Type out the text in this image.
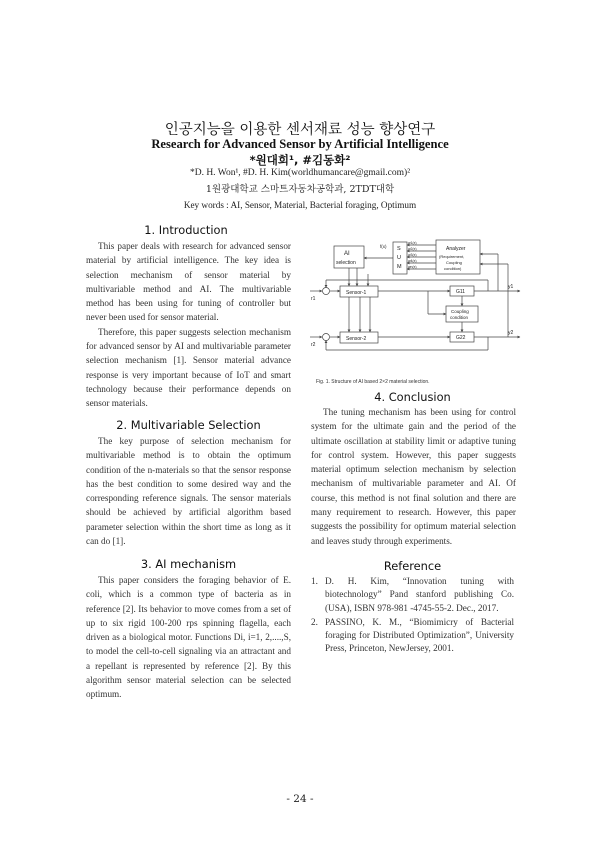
인공지능을 이용한 센서재료 성능 향상연구
Research for Advanced Sensor by Artificial Intelligence
*원대희¹, #김동화²
*D. H. Won¹, #D. H. Kim(worldhumancare@gmail.com)²
1원광대학교 스마트자동차공학과, 2TDT대학
Key words : AI, Sensor, Material, Bacterial foraging, Optimum
1. Introduction

This paper deals with research for advanced sensor material by artificial intelligence. The key idea is selection mechanism of sensor material by multivariable method and AI. The multivariable method has been using for tuning of controller but never been used for sensor material.

Therefore, this paper suggests selection mechanism for advanced sensor by AI and multivariable parameter selection mechanism [1]. Sensor material advance response is very important because of IoT and smart technology because their performance depends on sensor materials.

2. Multivariable Selection

The key purpose of selection mechanism for multivariable method is to obtain the optimum condition of the n-materials so that the sensor response has the best condition to some desired way and the corresponding reference signals. The sensor materials should be achieved by artificial algorithm based parameter selection within the short time as long as it can do [1].

3. AI mechanism

This paper considers the foraging behavior of E. coli, which is a common type of bacteria as in reference [2]. Its behavior to move comes from a set of up to six rigid 100-200 rps spinning flagella, each driven as a biological motor. Functions Di, i=1, 2,....,S, to model the cell-to-cell signaling via an attractant and a repellant is represented by reference [2]. By this algorithm sensor material selection can be selected optimum.

AI
selection
f(x) S
U
M
w1(x)
w2(x)
w3(x)
w4(x)
wn(x)
Analyzer
(Requirement,
Coupling
condition)
Sensor-1
Sensor-2
G11
G22
Coupling
condition
y1
y2
r1
r2
Fig. 1. Structure of AI based 2×2 material selection.
4. Conclusion

The tuning mechanism has been using for control system for the ultimate gain and the period of the ultimate oscillation at stability limit or adaptive tuning for control system. However, this paper suggests material optimum selection mechanism by selection mechanism of multivariable parameter and AI. Of course, this method is not final solution and there are many requirement to research. However, this paper suggests the possibility for optimum material selection and leaves study through experiments.

Reference
1. D. H. Kim, “Innovation tuning with biotechnology” Pand stanford publishing Co.(USA), ISBN 978-981 -4745-55-2. Dec., 2017.
2. PASSINO, K. M., “Biomimicry of Bacterial foraging for Distributed Optimization”, University Press, Princeton, NewJersey, 2001.
- 24 -
